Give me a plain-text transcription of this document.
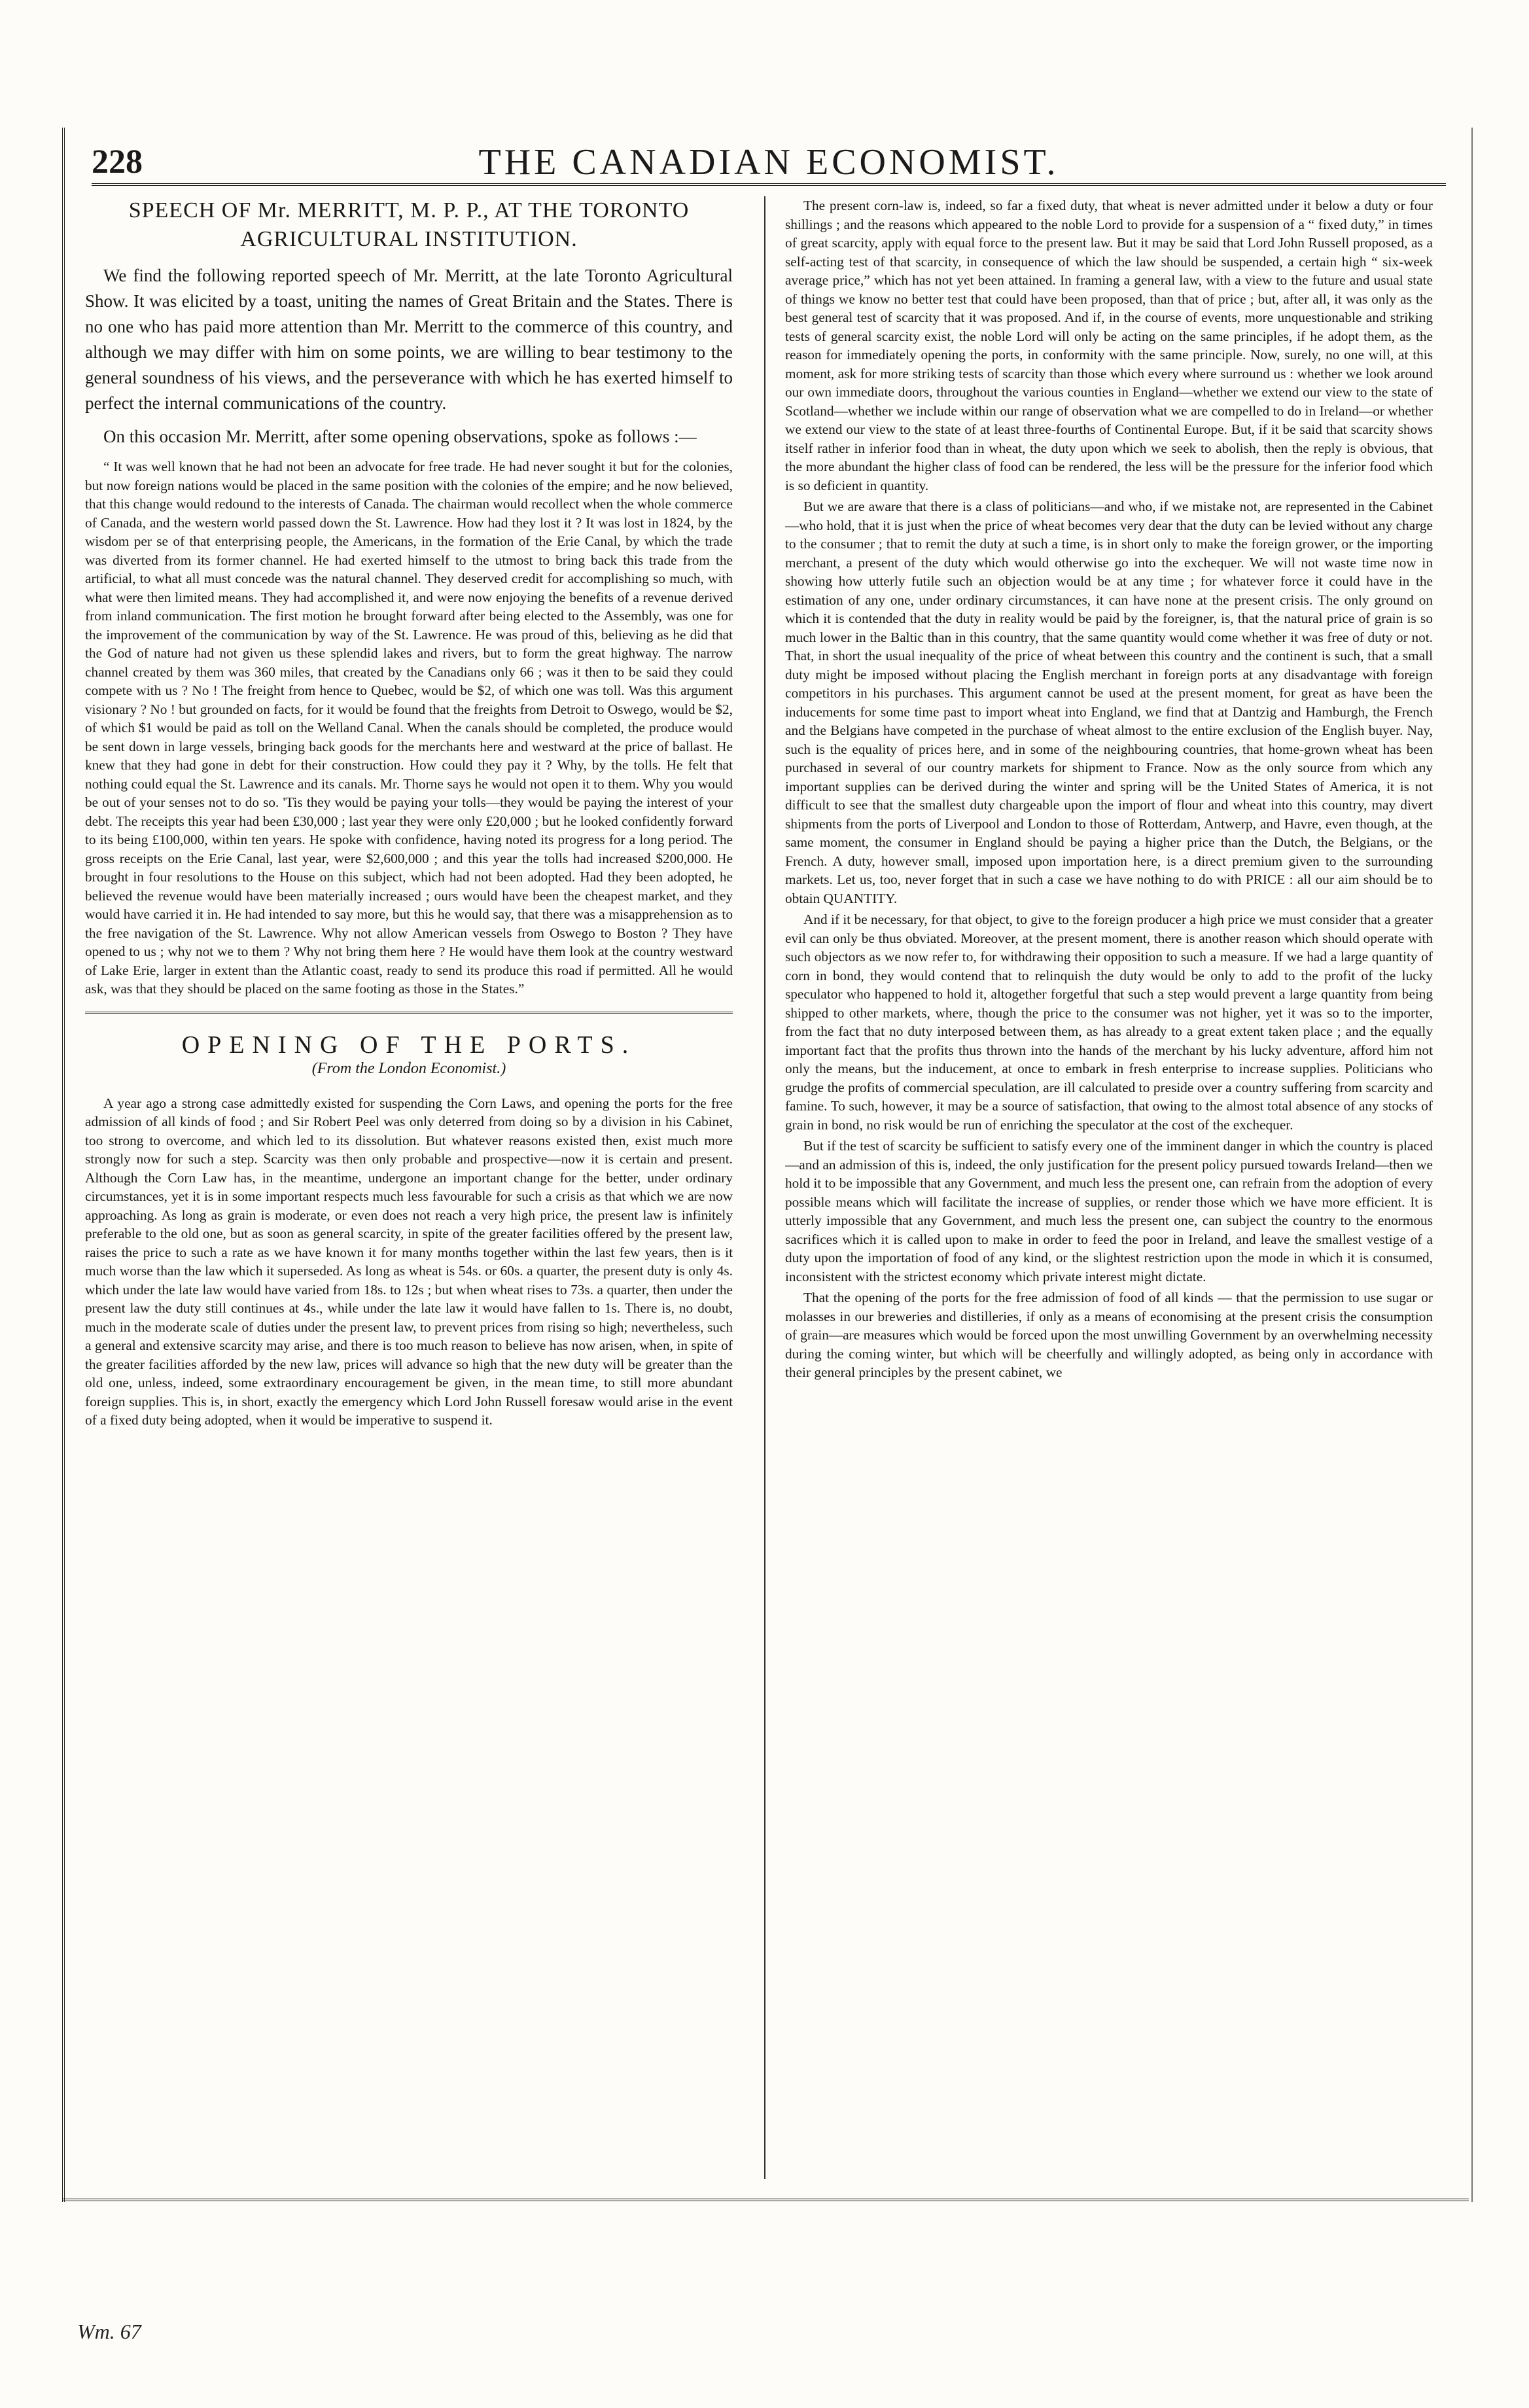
228	THE CANADIAN ECONOMIST.
SPEECH OF Mr. MERRITT, M. P. P., AT THE TORONTO
AGRICULTURAL INSTITUTION.

We find the following reported speech of Mr. Merritt, at the late Toronto Agricultural Show. It was elicited by a toast, uniting the names of Great Britain and the States. There is no one who has paid more attention than Mr. Merritt to the commerce of this country, and although we may differ with him on some points, we are willing to bear testimony to the general soundness of his views, and the perseverance with which he has exerted himself to perfect the internal communications of the country.

On this occasion Mr. Merritt, after some opening observations, spoke as follows :—

“ It was well known that he had not been an advocate for free trade. He had never sought it but for the colonies, but now foreign nations would be placed in the same position with the colonies of the empire; and he now believed, that this change would redound to the interests of Canada. The chairman would recollect when the whole commerce of Canada, and the western world passed down the St. Lawrence. How had they lost it ? It was lost in 1824, by the wisdom per se of that enterprising people, the Americans, in the formation of the Erie Canal, by which the trade was diverted from its former channel. He had exerted himself to the utmost to bring back this trade from the artificial, to what all must concede was the natural channel. They deserved credit for accomplishing so much, with what were then limited means. They had accomplished it, and were now enjoying the benefits of a revenue derived from inland communication. The first motion he brought forward after being elected to the Assembly, was one for the improvement of the communication by way of the St. Lawrence. He was proud of this, believing as he did that the God of nature had not given us these splendid lakes and rivers, but to form the great highway. The narrow channel created by them was 360 miles, that created by the Canadians only 66 ; was it then to be said they could compete with us ? No ! The freight from hence to Quebec, would be $2, of which one was toll. Was this argument visionary ? No ! but grounded on facts, for it would be found that the freights from Detroit to Oswego, would be $2, of which $1 would be paid as toll on the Welland Canal. When the canals should be completed, the produce would be sent down in large vessels, bringing back goods for the merchants here and westward at the price of ballast. He knew that they had gone in debt for their construction. How could they pay it ? Why, by the tolls. He felt that nothing could equal the St. Lawrence and its canals. Mr. Thorne says he would not open it to them. Why you would be out of your senses not to do so. 'Tis they would be paying your tolls—they would be paying the interest of your debt. The receipts this year had been £30,000 ; last year they were only £20,000 ; but he looked confidently forward to its being £100,000, within ten years. He spoke with confidence, having noted its progress for a long period. The gross receipts on the Erie Canal, last year, were $2,600,000 ; and this year the tolls had increased $200,000. He brought in four resolutions to the House on this subject, which had not been adopted. Had they been adopted, he believed the revenue would have been materially increased ; ours would have been the cheapest market, and they would have carried it in. He had intended to say more, but this he would say, that there was a misapprehension as to the free navigation of the St. Lawrence. Why not allow American vessels from Oswego to Boston ? They have opened to us ; why not we to them ? Why not bring them here ? He would have them look at the country westward of Lake Erie, larger in extent than the Atlantic coast, ready to send its produce this road if permitted. All he would ask, was that they should be placed on the same footing as those in the States.”

OPENING OF THE PORTS.

(From the London Economist.)

A year ago a strong case admittedly existed for suspending the Corn Laws, and opening the ports for the free admission of all kinds of food ; and Sir Robert Peel was only deterred from doing so by a division in his Cabinet, too strong to overcome, and which led to its dissolution. But whatever reasons existed then, exist much more strongly now for such a step. Scarcity was then only probable and prospective—now it is certain and present. Although the Corn Law has, in the meantime, undergone an important change for the better, under ordinary circumstances, yet it is in some important respects much less favourable for such a crisis as that which we are now approaching. As long as grain is moderate, or even does not reach a very high price, the present law is infinitely preferable to the old one, but as soon as general scarcity, in spite of the greater facilities offered by the present law, raises the price to such a rate as we have known it for many months together within the last few years, then is it much worse than the law which it superseded. As long as wheat is 54s. or 60s. a quarter, the present duty is only 4s. which under the late law would have varied from 18s. to 12s ; but when wheat rises to 73s. a quarter, then under the present law the duty still continues at 4s., while under the late law it would have fallen to 1s. There is, no doubt, much in the moderate scale of duties under the present law, to prevent prices from rising so high; nevertheless, such a general and extensive scarcity may arise, and there is too much reason to believe has now arisen, when, in spite of the greater facilities afforded by the new law, prices will advance so high that the new duty will be greater than the old one, unless, indeed, some extraordinary encouragement be given, in the mean time, to still more abundant foreign supplies. This is, in short, exactly the emergency which Lord John Russell foresaw would arise in the event of a fixed duty being adopted, when it would be imperative to suspend it.

The present corn-law is, indeed, so far a fixed duty, that wheat is never admitted under it below a duty or four shillings ; and the reasons which appeared to the noble Lord to provide for a suspension of a “ fixed duty,” in times of great scarcity, apply with equal force to the present law. But it may be said that Lord John Russell proposed, as a self-acting test of that scarcity, in consequence of which the law should be suspended, a certain high “ six-week average price,” which has not yet been attained. In framing a general law, with a view to the future and usual state of things we know no better test that could have been proposed, than that of price ; but, after all, it was only as the best general test of scarcity that it was proposed. And if, in the course of events, more unquestionable and striking tests of general scarcity exist, the noble Lord will only be acting on the same principles, if he adopt them, as the reason for immediately opening the ports, in conformity with the same principle. Now, surely, no one will, at this moment, ask for more striking tests of scarcity than those which every where surround us : whether we look around our own immediate doors, throughout the various counties in England—whether we extend our view to the state of Scotland—whether we include within our range of observation what we are compelled to do in Ireland—or whether we extend our view to the state of at least three-fourths of Continental Europe. But, if it be said that scarcity shows itself rather in inferior food than in wheat, the duty upon which we seek to abolish, then the reply is obvious, that the more abundant the higher class of food can be rendered, the less will be the pressure for the inferior food which is so deficient in quantity.

But we are aware that there is a class of politicians—and who, if we mistake not, are represented in the Cabinet—who hold, that it is just when the price of wheat becomes very dear that the duty can be levied without any charge to the consumer ; that to remit the duty at such a time, is in short only to make the foreign grower, or the importing merchant, a present of the duty which would otherwise go into the exchequer. We will not waste time now in showing how utterly futile such an objection would be at any time ; for whatever force it could have in the estimation of any one, under ordinary circumstances, it can have none at the present crisis. The only ground on which it is contended that the duty in reality would be paid by the foreigner, is, that the natural price of grain is so much lower in the Baltic than in this country, that the same quantity would come whether it was free of duty or not. That, in short the usual inequality of the price of wheat between this country and the continent is such, that a small duty might be imposed without placing the English merchant in foreign ports at any disadvantage with foreign competitors in his purchases. This argument cannot be used at the present moment, for great as have been the inducements for some time past to import wheat into England, we find that at Dantzig and Hamburgh, the French and the Belgians have competed in the purchase of wheat almost to the entire exclusion of the English buyer. Nay, such is the equality of prices here, and in some of the neighbouring countries, that home-grown wheat has been purchased in several of our country markets for shipment to France. Now as the only source from which any important supplies can be derived during the winter and spring will be the United States of America, it is not difficult to see that the smallest duty chargeable upon the import of flour and wheat into this country, may divert shipments from the ports of Liverpool and London to those of Rotterdam, Antwerp, and Havre, even though, at the same moment, the consumer in England should be paying a higher price than the Dutch, the Belgians, or the French. A duty, however small, imposed upon importation here, is a direct premium given to the surrounding markets. Let us, too, never forget that in such a case we have nothing to do with PRICE : all our aim should be to obtain QUANTITY.

And if it be necessary, for that object, to give to the foreign producer a high price we must consider that a greater evil can only be thus obviated. Moreover, at the present moment, there is another reason which should operate with such objectors as we now refer to, for withdrawing their opposition to such a measure. If we had a large quantity of corn in bond, they would contend that to relinquish the duty would be only to add to the profit of the lucky speculator who happened to hold it, altogether forgetful that such a step would prevent a large quantity from being shipped to other markets, where, though the price to the consumer was not higher, yet it was so to the importer, from the fact that no duty interposed between them, as has already to a great extent taken place ; and the equally important fact that the profits thus thrown into the hands of the merchant by his lucky adventure, afford him not only the means, but the inducement, at once to embark in fresh enterprise to increase supplies. Politicians who grudge the profits of commercial speculation, are ill calculated to preside over a country suffering from scarcity and famine. To such, however, it may be a source of satisfaction, that owing to the almost total absence of any stocks of grain in bond, no risk would be run of enriching the speculator at the cost of the exchequer.

But if the test of scarcity be sufficient to satisfy every one of the imminent danger in which the country is placed—and an admission of this is, indeed, the only justification for the present policy pursued towards Ireland—then we hold it to be impossible that any Government, and much less the present one, can refrain from the adoption of every possible means which will facilitate the increase of supplies, or render those which we have more efficient. It is utterly impossible that any Government, and much less the present one, can subject the country to the enormous sacrifices which it is called upon to make in order to feed the poor in Ireland, and leave the smallest vestige of a duty upon the importation of food of any kind, or the slightest restriction upon the mode in which it is consumed, inconsistent with the strictest economy which private interest might dictate.

That the opening of the ports for the free admission of food of all kinds — that the permission to use sugar or molasses in our breweries and distilleries, if only as a means of economising at the present crisis the consumption of grain—are measures which would be forced upon the most unwilling Government by an overwhelming necessity during the coming winter, but which will be cheerfully and willingly adopted, as being only in accordance with their general principles by the present cabinet, we

Wm. 67
